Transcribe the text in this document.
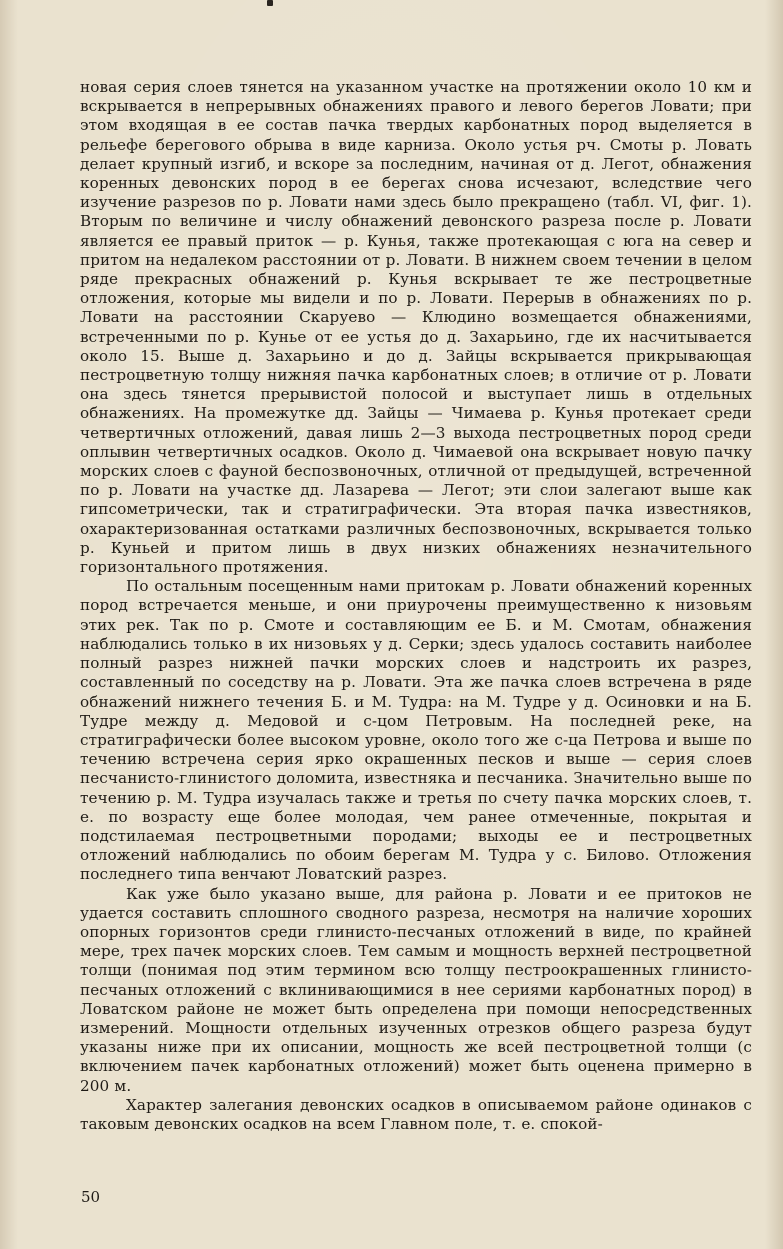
новая серия слоев тянется на указанном участке на протяжении около 10 км и вскрывается в непрерывных обнажениях правого и левого берегов Ловати; при этом входящая в ее состав пачка твердых карбонатных пород выделяется в рельефе берегового обрыва в виде карниза. Около устья рч. Смоты р. Ловать делает крупный изгиб, и вскоре за последним, начиная от д. Легот, обнажения коренных девонских пород в ее берегах снова исчезают, вследствие чего изучение разрезов по р. Ловати нами здесь было прекращено (табл. VI, фиг. 1). Вторым по величине и числу обнажений девонского разреза после р. Ловати является ее правый приток — р. Кунья, также протекающая с юга на север и притом на недалеком расстоянии от р. Ловати. В нижнем своем течении в целом ряде прекрасных обнажений р. Кунья вскрывает те же пестроцветные отложения, которые мы видели и по р. Ловати. Перерыв в обнажениях по р. Ловати на расстоянии Скаруево — Клюдино возмещается обнажениями, встреченными по р. Кунье от ее устья до д. Захарьино, где их насчитывается около 15. Выше д. Захарьино и до д. Зайцы вскрывается прикрывающая пестроцветную толщу нижняя пачка карбонатных слоев; в отличие от р. Ловати она здесь тянется прерывистой полосой и выступает лишь в отдельных обнажениях. На промежутке дд. Зайцы — Чимаева р. Кунья протекает среди четвертичных отложений, давая лишь 2—3 выхода пестроцветных пород среди оплывин четвертичных осадков. Около д. Чимаевой она вскрывает новую пачку морских слоев с фауной беспозвоночных, отличной от предыдущей, встреченной по р. Ловати на участке дд. Лазарева — Легот; эти слои залегают выше как гипсометрически, так и стратиграфически. Эта вторая пачка известняков, охарактеризованная остатками различных беспозвоночных, вскрывается только р. Куньей и притом лишь в двух низких обнажениях незначительного горизонтального протяжения.

По остальным посещенным нами притокам р. Ловати обнажений коренных пород встречается меньше, и они приурочены преимущественно к низовьям этих рек. Так по р. Смоте и составляющим ее Б. и М. Смотам, обнажения наблюдались только в их низовьях у д. Серки; здесь удалось составить наиболее полный разрез нижней пачки морских слоев и надстроить их разрез, составленный по соседству на р. Ловати. Эта же пачка слоев встречена в ряде обнажений нижнего течения Б. и М. Тудра: на М. Тудре у д. Осиновки и на Б. Тудре между д. Медовой и с-цом Петровым. На последней реке, на стратиграфически более высоком уровне, около того же с-ца Петрова и выше по течению встречена серия ярко окрашенных песков и выше — серия слоев песчанисто-глинистого доломита, известняка и песчаника. Значительно выше по течению р. М. Тудра изучалась также и третья по счету пачка морских слоев, т. е. по возрасту еще более молодая, чем ранее отмеченные, покрытая и подстилаемая пестроцветными породами; выходы ее и пестроцветных отложений наблюдались по обоим берегам М. Тудра у с. Билово. Отложения последнего типа венчают Ловатский разрез.

Как уже было указано выше, для района р. Ловати и ее притоков не удается составить сплошного сводного разреза, несмотря на наличие хороших опорных горизонтов среди глинисто-песчаных отложений в виде, по крайней мере, трех пачек морских слоев. Тем самым и мощность верхней пестроцветной толщи (понимая под этим термином всю толщу пестроокрашенных глинисто-песчаных отложений с вклинивающимися в нее сериями карбонатных пород) в Ловатском районе не может быть определена при помощи непосредственных измерений. Мощности отдельных изученных отрезков общего разреза будут указаны ниже при их описании, мощность же всей пестроцветной толщи (с включением пачек карбонатных отложений) может быть оценена примерно в 200 м.

Характер залегания девонских осадков в описываемом районе одинаков с таковым девонских осадков на всем Главном поле, т. е. спокой-

50
